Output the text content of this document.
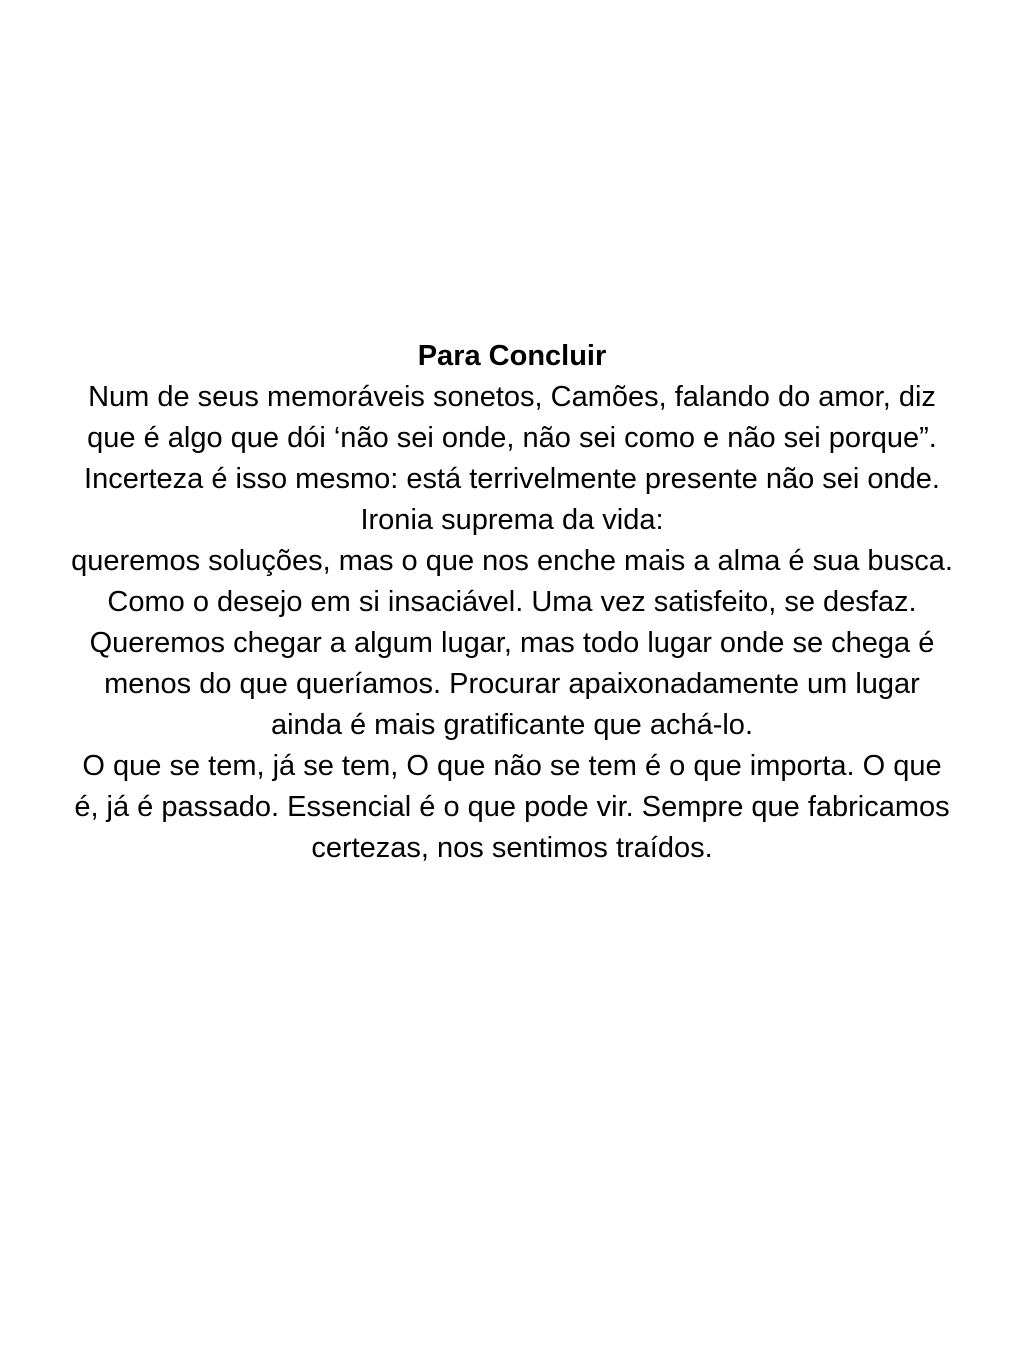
Para Concluir
Num de seus memoráveis sonetos, Camões, falando do amor, diz que é algo que dói ‘não sei onde, não sei como e não sei porque”. Incerteza é isso mesmo: está terrivelmente presente não sei onde. Ironia suprema da vida:
queremos soluções, mas o que nos enche mais a alma é sua busca. Como o desejo em si insaciável. Uma vez satisfeito, se desfaz. Queremos chegar a algum lugar, mas todo lugar onde se chega é menos do que queríamos. Procurar apaixonadamente um lugar ainda é mais gratificante que achá-lo.
O que se tem, já se tem, O que não se tem é o que importa. O que é, já é passado. Essencial é o que pode vir. Sempre que fabricamos certezas, nos sentimos traídos.
